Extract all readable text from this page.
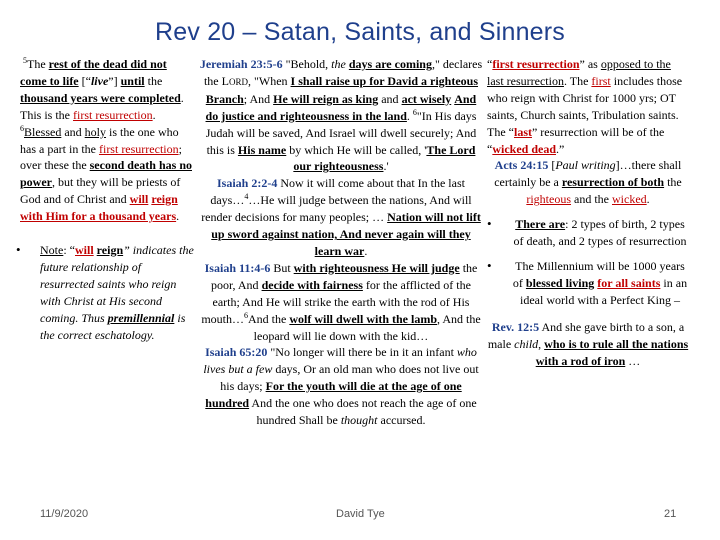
Rev 20 – Satan, Saints, and Sinners
$^5$The rest of the dead did not come to life [“live”] until the thousand years were completed. This is the first resurrection. $^6$Blessed and holy is the one who has a part in the first resurrection; over these the second death has no power, but they will be priests of God and of Christ and will reign with Him for a thousand years.
•	Note: “will reign” indicates the future relationship of resurrected saints who reign with Christ at His second coming. Thus premillennial is the correct eschatology.
Jeremiah 23:5-6 "Behold, the days are coming," declares the LORD, "When I shall raise up for David a righteous Branch; And He will reign as king and act wisely And do justice and righteousness in the land. $^6$"In His days Judah will be saved, And Israel will dwell securely; And this is His name by which He will be called, 'The Lord our righteousness.'
Isaiah 2:2-4 Now it will come about that In the last days…$^4$…He will judge between the nations, And will render decisions for many peoples; … Nation will not lift up sword against nation, And never again will they learn war.
Isaiah 11:4-6 But with righteousness He will judge the poor, And decide with fairness for the afflicted of the earth; And He will strike the earth with the rod of His mouth…$^6$And the wolf will dwell with the lamb, And the leopard will lie down with the kid…
Isaiah 65:20 "No longer will there be in it an infant who lives but a few days, Or an old man who does not live out his days; For the youth will die at the age of one hundred And the one who does not reach the age of one hundred Shall be thought accursed.
“first resurrection” as opposed to the last resurrection. The first includes those who reign with Christ for 1000 yrs; OT saints, Church saints, Tribulation saints. The “last” resurrection will be of the “wicked dead.”
Acts 24:15 [Paul writing]…there shall certainly be a resurrection of both the righteous and the wicked.
•	There are: 2 types of birth, 2 types of death, and 2 types of resurrection
•	The Millennium will be 1000 years of blessed living for all saints in an ideal world with a Perfect King –
Rev. 12:5 And she gave birth to a son, a male child, who is to rule all the nations with a rod of iron …
11/9/2020	David Tye	21
